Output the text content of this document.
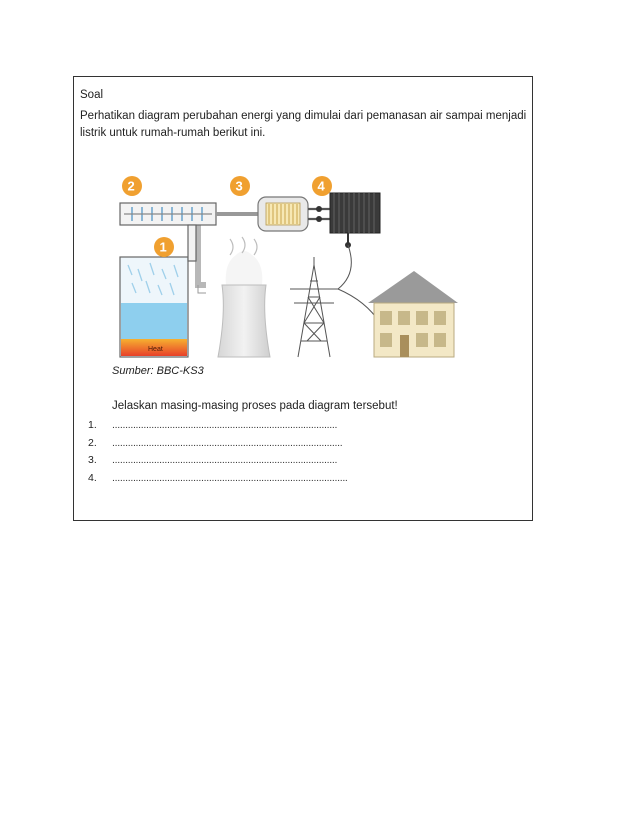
Soal
Perhatikan diagram perubahan energi yang dimulai dari pemanasan air sampai menjadi listrik untuk rumah-rumah berikut ini.
Heat
2	3	4
1
Sumber: BBC-KS3
Jelaskan masing-masing proses pada diagram tersebut!
1.	......................................................................................
2.	........................................................................................
3.	......................................................................................
4.	..........................................................................................
